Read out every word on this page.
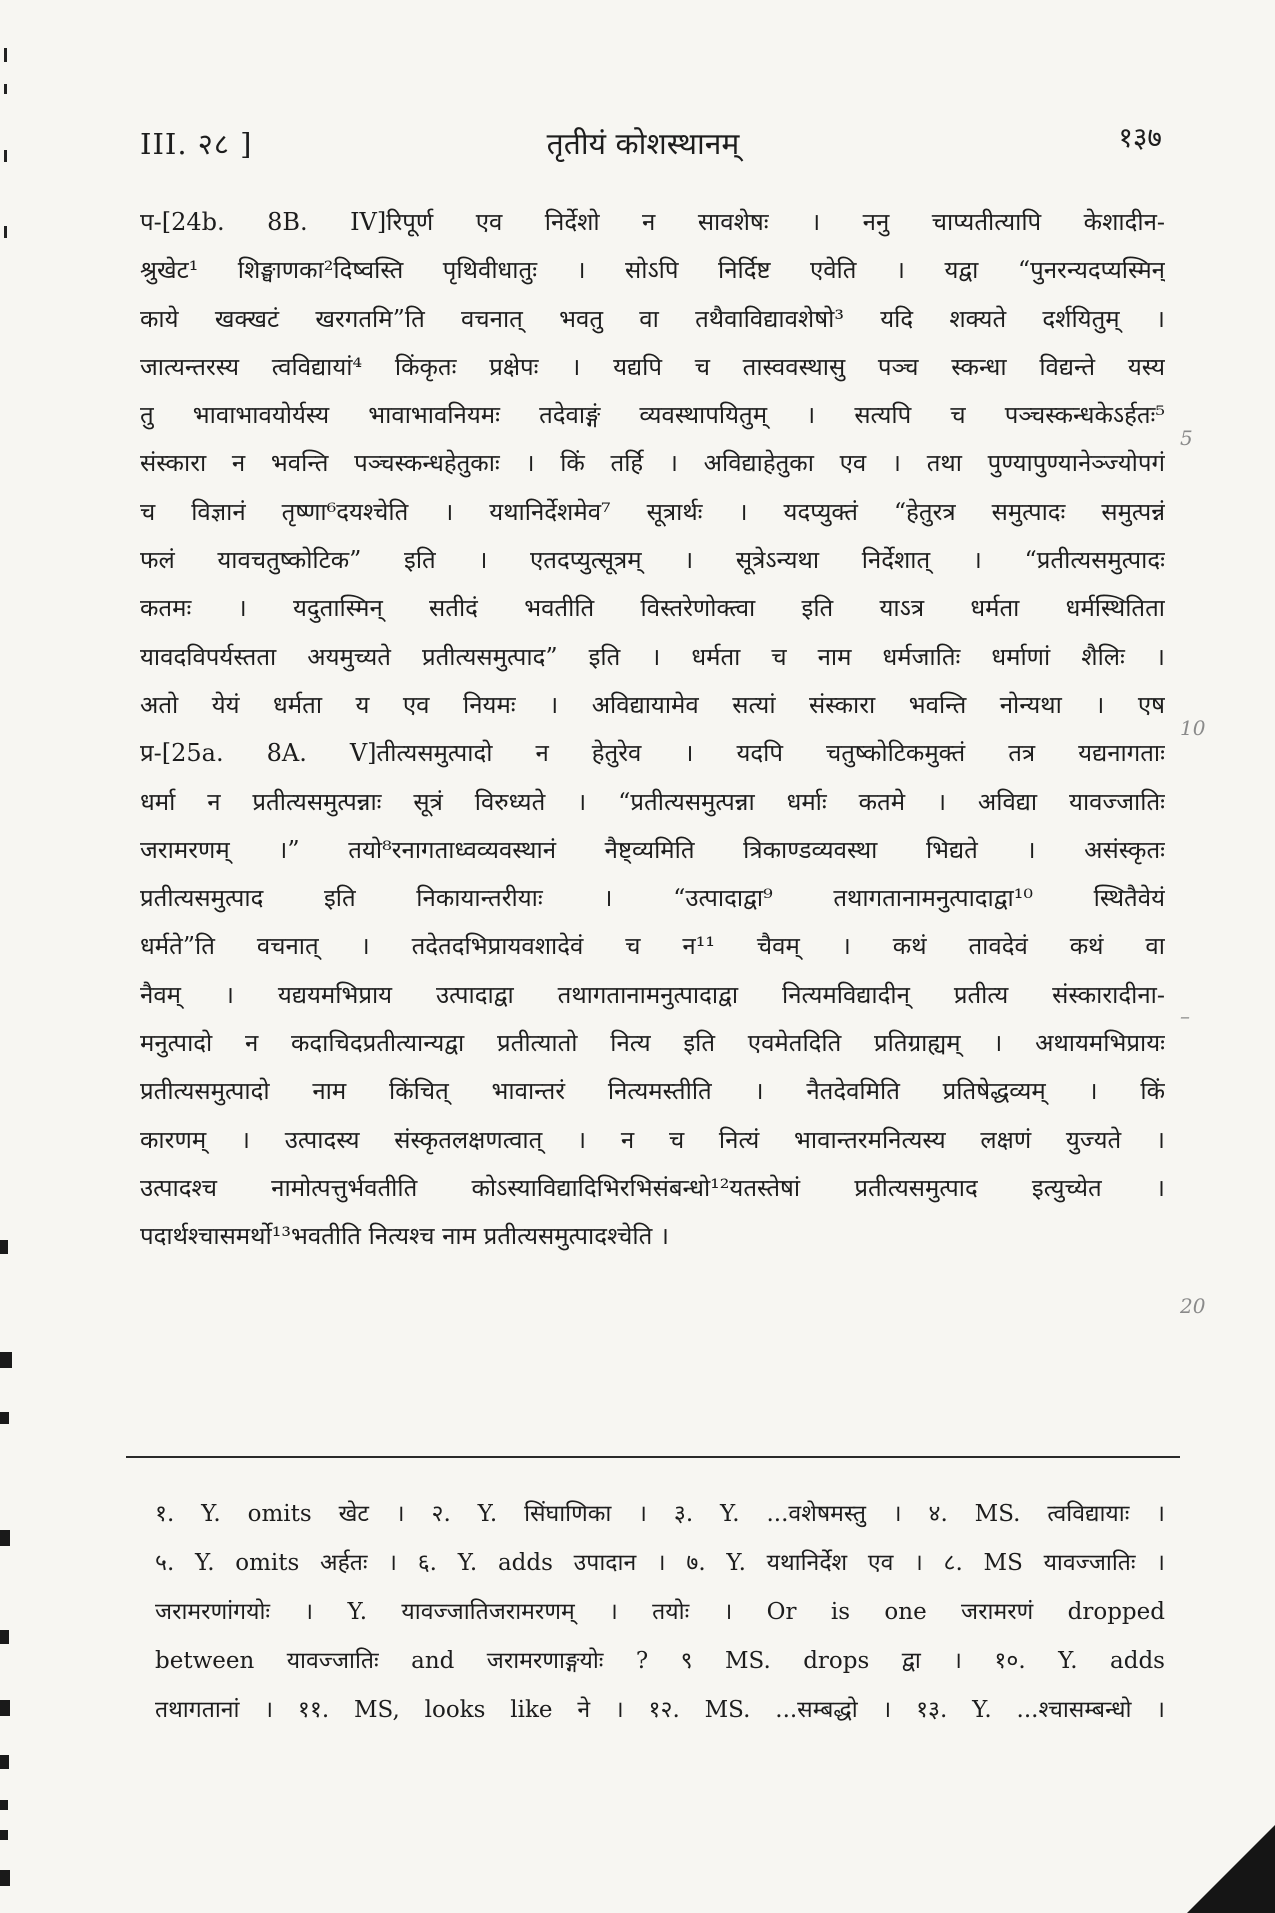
III. २८ ]	तृतीयं कोशस्थानम्	१३७
प-[24b. 8B. IV]रिपूर्ण एव निर्देशो न सावशेषः । ननु चाप्यतीत्यापि केशादीन-
श्रुखेट¹ शिङ्घाणका²दिष्वस्ति पृथिवीधातुः । सोऽपि निर्दिष्ट एवेति । यद्वा “पुनरन्यदप्यस्मिन्
काये खक्खटं खरगतमि”ति वचनात् भवतु वा तथैवाविद्यावशेषो³ यदि शक्यते दर्शयितुम् ।
जात्यन्तरस्य त्वविद्यायां⁴ किंकृतः प्रक्षेपः । यद्यपि च तास्ववस्थासु पञ्च स्कन्धा विद्यन्ते यस्य
तु भावाभावयोर्यस्य भावाभावनियमः तदेवाङ्गं व्यवस्थापयितुम् । सत्यपि च पञ्चस्कन्धकेऽर्हतः⁵
संस्कारा न भवन्ति पञ्चस्कन्धहेतुकाः । किं तर्हि । अविद्याहेतुका एव । तथा पुण्यापुण्यानेञ्ज्योपगं
च विज्ञानं तृष्णा⁶दयश्चेति । यथानिर्देशमेव⁷ सूत्रार्थः । यदप्युक्तं “हेतुरत्र समुत्पादः समुत्पन्नं
फलं यावचतुष्कोटिक” इति । एतदप्युत्सूत्रम् । सूत्रेऽन्यथा निर्देशात् । “प्रतीत्यसमुत्पादः
कतमः । यदुतास्मिन् सतीदं भवतीति विस्तरेणोक्त्वा इति याऽत्र धर्मता धर्मस्थितिता
यावदविपर्यस्तता अयमुच्यते प्रतीत्यसमुत्पाद” इति । धर्मता च नाम धर्मजातिः धर्माणां शैलिः ।
अतो येयं धर्मता य एव नियमः । अविद्यायामेव सत्यां संस्कारा भवन्ति नोन्यथा । एष
प्र-[25a. 8A. V]तीत्यसमुत्पादो न हेतुरेव । यदपि चतुष्कोटिकमुक्तं तत्र यद्यनागताः
धर्मा न प्रतीत्यसमुत्पन्नाः सूत्रं विरुध्यते । “प्रतीत्यसमुत्पन्ना धर्माः कतमे । अविद्या यावज्जातिः
जरामरणम् ।” तयो⁸रनागताध्वव्यवस्थानं नैष्ट्व्यमिति त्रिकाण्डव्यवस्था भिद्यते । असंस्कृतः
प्रतीत्यसमुत्पाद इति निकायान्तरीयाः । “उत्पादाद्वा⁹ तथागतानामनुत्पादाद्वा¹⁰ स्थितैवेयं
धर्मते”ति वचनात् । तदेतदभिप्रायवशादेवं च न¹¹ चैवम् । कथं तावदेवं कथं वा
नैवम् । यद्ययमभिप्राय उत्पादाद्वा तथागतानामनुत्पादाद्वा नित्यमविद्यादीन् प्रतीत्य संस्कारादीना-
मनुत्पादो न कदाचिदप्रतीत्यान्यद्वा प्रतीत्यातो नित्य इति एवमेतदिति प्रतिग्राह्यम् । अथायमभिप्रायः
प्रतीत्यसमुत्पादो नाम किंचित् भावान्तरं नित्यमस्तीति । नैतदेवमिति प्रतिषेद्धव्यम् । किं
कारणम् । उत्पादस्य संस्कृतलक्षणत्वात् । न च नित्यं भावान्तरमनित्यस्य लक्षणं युज्यते ।
उत्पादश्च नामोत्पत्तुर्भवतीति कोऽस्याविद्यादिभिरभिसंबन्धो¹²यतस्तेषां प्रतीत्यसमुत्पाद इत्युच्येत ।
पदार्थश्चासमर्थो¹³भवतीति नित्यश्च नाम प्रतीत्यसमुत्पादश्चेति ।
5
10
–
20
१. Y. omits खेट । २. Y. सिंघाणिका । ३. Y. ...वशेषमस्तु । ४. MS. त्वविद्यायाः ।
५. Y. omits अर्हतः । ६. Y. adds उपादान । ७. Y. यथानिर्देश एव । ८. MS यावज्जातिः ।
जरामरणांगयोः । Y. यावज्जातिजरामरणम् । तयोः । Or is one जरामरणं dropped
between यावज्जातिः and जरामरणाङ्गयोः ? ९ MS. drops द्वा । १०. Y. adds
तथागतानां । ११. MS, looks like ने । १२. MS. ...सम्बद्धो । १३. Y. ...श्चासम्बन्धो ।
